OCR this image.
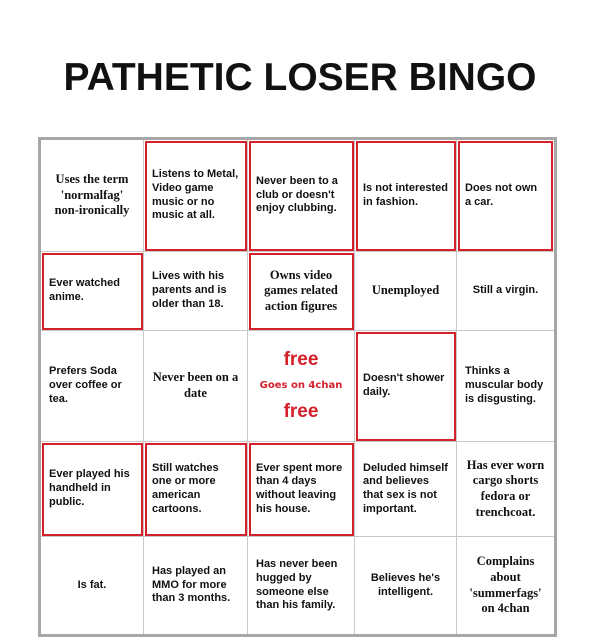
PATHETIC LOSER BINGO
Uses the term 'normalfag' non-ironically
Listens to Metal, Video game music or no music at all.
Never been to a club or doesn't enjoy clubbing.
Is not interested in fashion.
Does not own a car.
Ever watched anime.
Lives with his parents and is older than 18.
Owns video games related action figures
Unemployed	Still a virgin.
Prefers Soda over coffee or tea.
Never been on a date
free
Goes on 4chan
free
Doesn't shower daily.
Thinks a muscular body is disgusting.
Ever played his handheld in public.
Still watches one or more american cartoons.
Ever spent more than 4 days without leaving his house.
Deluded himself and believes that sex is not important.
Has ever worn cargo shorts fedora or trenchcoat.
Is fat.
Has played an MMO for more than 3 months.
Has never been hugged by someone else than his family.
Believes he's intelligent.
Complains about 'summerfags' on 4chan
